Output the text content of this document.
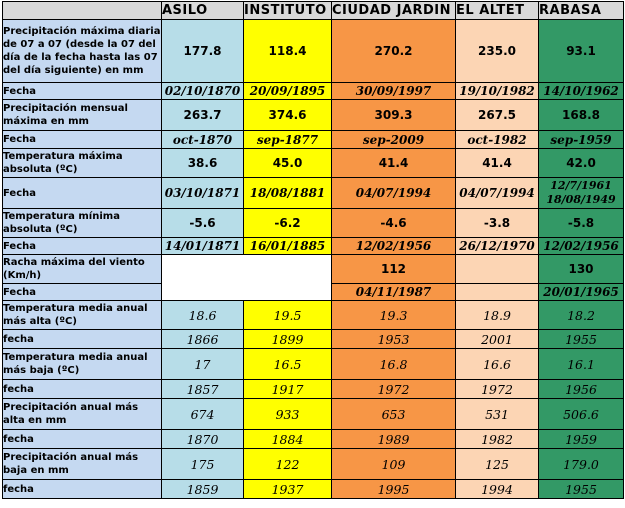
	ASILO	INSTITUTO	CIUDAD JARDIN	EL ALTET	RABASA
Precipitación máxima diaria de 07 a 07 (desde la 07 del día de la fecha hasta las 07 del día siguiente) en mm	177.8	118.4	270.2	235.0	93.1
Fecha	02/10/1870	20/09/1895	30/09/1997	19/10/1982	14/10/1962
Precipitación mensual máxima en mm	263.7	374.6	309.3	267.5	168.8
Fecha	oct-1870	sep-1877	sep-2009	oct-1982	sep-1959
Temperatura máxima absoluta (ºC)	38.6	45.0	41.4	41.4	42.0
Fecha	03/10/1871	18/08/1881	04/07/1994	04/07/1994	12/7/1961 18/08/1949
Temperatura mínima absoluta (ºC)	-5.6	-6.2	-4.6	-3.8	-5.8
Fecha	14/01/1871	16/01/1885	12/02/1956	26/12/1970	12/02/1956
Racha máxima del viento (Km/h)			112		130
Fecha			04/11/1987		20/01/1965
Temperatura media anual más alta (ºC)	18.6	19.5	19.3	18.9	18.2
fecha	1866	1899	1953	2001	1955
Temperatura media anual más baja (ºC)	17	16.5	16.8	16.6	16.1
fecha	1857	1917	1972	1972	1956
Precipitación anual más alta en mm	674	933	653	531	506.6
fecha	1870	1884	1989	1982	1959
Precipitación anual más baja en mm	175	122	109	125	179.0
fecha	1859	1937	1995	1994	1955
